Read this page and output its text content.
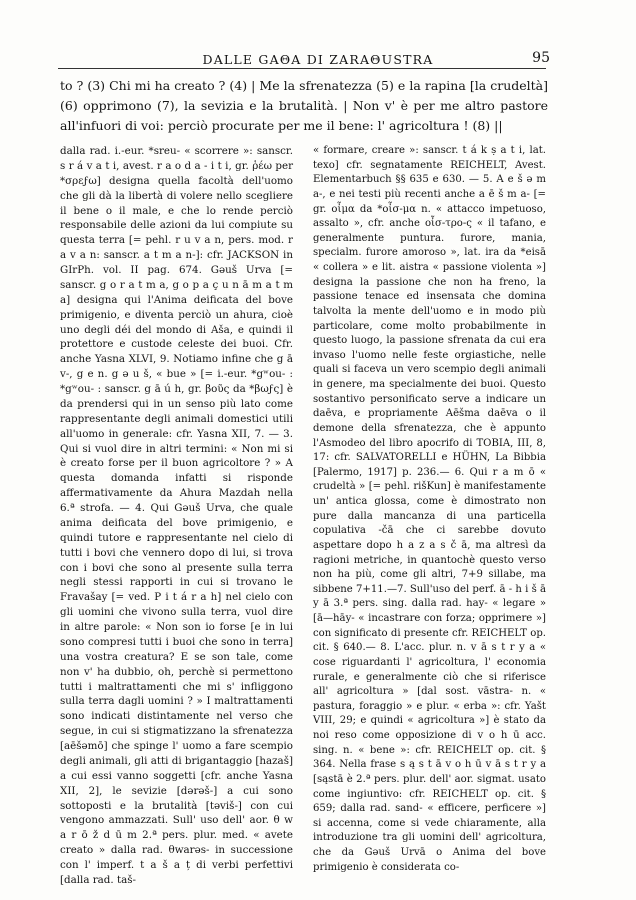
DALLE GAΘA DI ZARAΘUSTRA	95

to ? (3) Chi mi ha creato ? (4) | Me la sfrenatezza (5) e la rapina [la crudeltà] (6) opprimono (7), la sevizia e la brutalità. | Non v' è per me altro pastore all'infuori di voi: perciò procurate per me il bene: l' agricoltura ! (8) ||

dalla rad. i.-eur. *sreu- « scorrere »: sanscr. s r á v a t i, avest. r a o d a - i t i, gr. ῥέω per *σρεϝω] designa quella facoltà dell'uomo che gli dà la libertà di volere nello scegliere il bene o il male, e che lo rende perciò responsabile delle azioni da lui compiute su questa terra [= pehl. r u v a n, pers. mod. r a v a n: sanscr. a t m a n-]: cfr. JACKSON in GIrPh. vol. II pag. 674. Gəuš Urva [= sanscr. g o r a t m a, g o p a ç u n ā m a t m a] designa qui l'Anima deificata del bove primigenio, e diventa perciò un ahura, cioè uno degli déi del mondo di Aša, e quindi il protettore e custode celeste dei buoi. Cfr. anche Yasna XLVI, 9. Notiamo infine che g ā v-, g e n. g ə u š, « bue » [= i.-eur. *gʷou- : *gʷou- : sanscr. g ā ú h, gr. βοῦς da *βωϝς] è da prendersi qui in un senso più lato come rappresentante degli animali domestici utili all'uomo in generale: cfr. Yasna XII, 7. — 3. Qui si vuol dire in altri termini: « Non mi si è creato forse per il buon agricoltore ? » A questa domanda infatti si risponde affermativamente da Ahura Mazdah nella 6.ª strofa. — 4. Qui Gəuš Urva, che quale anima deificata del bove primigenio, e quindi tutore e rappresentante nel cielo di tutti i bovi che vennero dopo di lui, si trova con i bovi che sono al presente sulla terra negli stessi rapporti in cui si trovano le Fravašay [= ved. P i t á r a h] nel cielo con gli uomini che vivono sulla terra, vuol dire in altre parole: « Non son io forse [e in lui sono compresi tutti i buoi che sono in terra] una vostra creatura? E se son tale, come non v' ha dubbio, oh, perchè si permettono tutti i maltrattamenti che mi s' infliggono sulla terra dagli uomini ? » I maltrattamenti sono indicati distintamente nel verso che segue, in cui si stigmatizzano la sfrenatezza [aēšəmō] che spinge l' uomo a fare scempio degli animali, gli atti di brigantaggio [hazaš] a cui essi vanno soggetti [cfr. anche Yasna XII, 2], le sevizie [dərəš-] a cui sono sottoposti e la brutalità [təviš-] con cui vengono ammazzati. Sull' uso dell' aor. θ w a r ō ž d ū m 2.ª pers. plur. med. « avete creato » dalla rad. θwarəs- in successione con l' imperf. t a š a ț di verbi perfettivi [dalla rad. taš-

« formare, creare »: sanscr. t á k ṣ a t i, lat. texo] cfr. segnatamente REICHELT, Avest. Elementarbuch §§ 635 e 630. — 5. A e š ə m a-, e nei testi più recenti anche a ē š m a- [= gr. οἶμα da *οἶσ-μα n. « attacco impetuoso, assalto », cfr. anche οἶσ-τρο-ς « il tafano, e generalmente puntura. furore, mania, specialm. furore amoroso », lat. ira da *eisā « collera » e lit. aistra « passione violenta »] designa la passione che non ha freno, la passione tenace ed insensata che domina talvolta la mente dell'uomo e in modo più particolare, come molto probabilmente in questo luogo, la passione sfrenata da cui era invaso l'uomo nelle feste orgiastiche, nelle quali si faceva un vero scempio degli animali in genere, ma specialmente dei buoi. Questo sostantivo personificato serve a indicare un daēva, e propriamente Aēšma daēva o il demone della sfrenatezza, che è appunto l'Asmodeo del libro apocrifo di TOBIA, III, 8, 17: cfr. SALVATORELLI e HÜHN, La Bibbia [Palermo, 1917] p. 236.— 6. Qui r a m ō « crudeltà » [= pehl. rišKun] è manifestamente un' antica glossa, come è dimostrato non pure dalla mancanza di una particella copulativa -čā che ci sarebbe dovuto aspettare dopo h a z a s č ā, ma altresì da ragioni metriche, in quantochè questo verso non ha più, come gli altri, 7+9 sillabe, ma sibbene 7+11.—7. Sull'uso del perf. ā - h i š ā y ā 3.ª pers. sing. dalla rad. hay- « legare » [ā—hāy- « incastrare con forza; opprimere »] con significato di presente cfr. REICHELT op. cit. § 640.— 8. L'acc. plur. n. v ā s t r y a « cose riguardanti l' agricoltura, l' economia rurale, e generalmente ciò che si riferisce all' agricoltura » [dal sost. vāstra- n. « pastura, foraggio » e plur. « erba »: cfr. Yašt VIII, 29; e quindi « agricoltura »] è stato da noi reso come opposizione di v o h ū acc. sing. n. « bene »: cfr. REICHELT op. cit. § 364. Nella frase s ą s t ā v o h ū v ā s t r y a [sąstā è 2.ª pers. plur. dell' aor. sigmat. usato come ingiuntivo: cfr. REICHELT op. cit. § 659; dalla rad. sand- « efficere, perficere »] si accenna, come si vede chiaramente, alla introduzione tra gli uomini dell' agricoltura, che da Gəuš Urvā o Anima del bove primigenio è considerata co-
